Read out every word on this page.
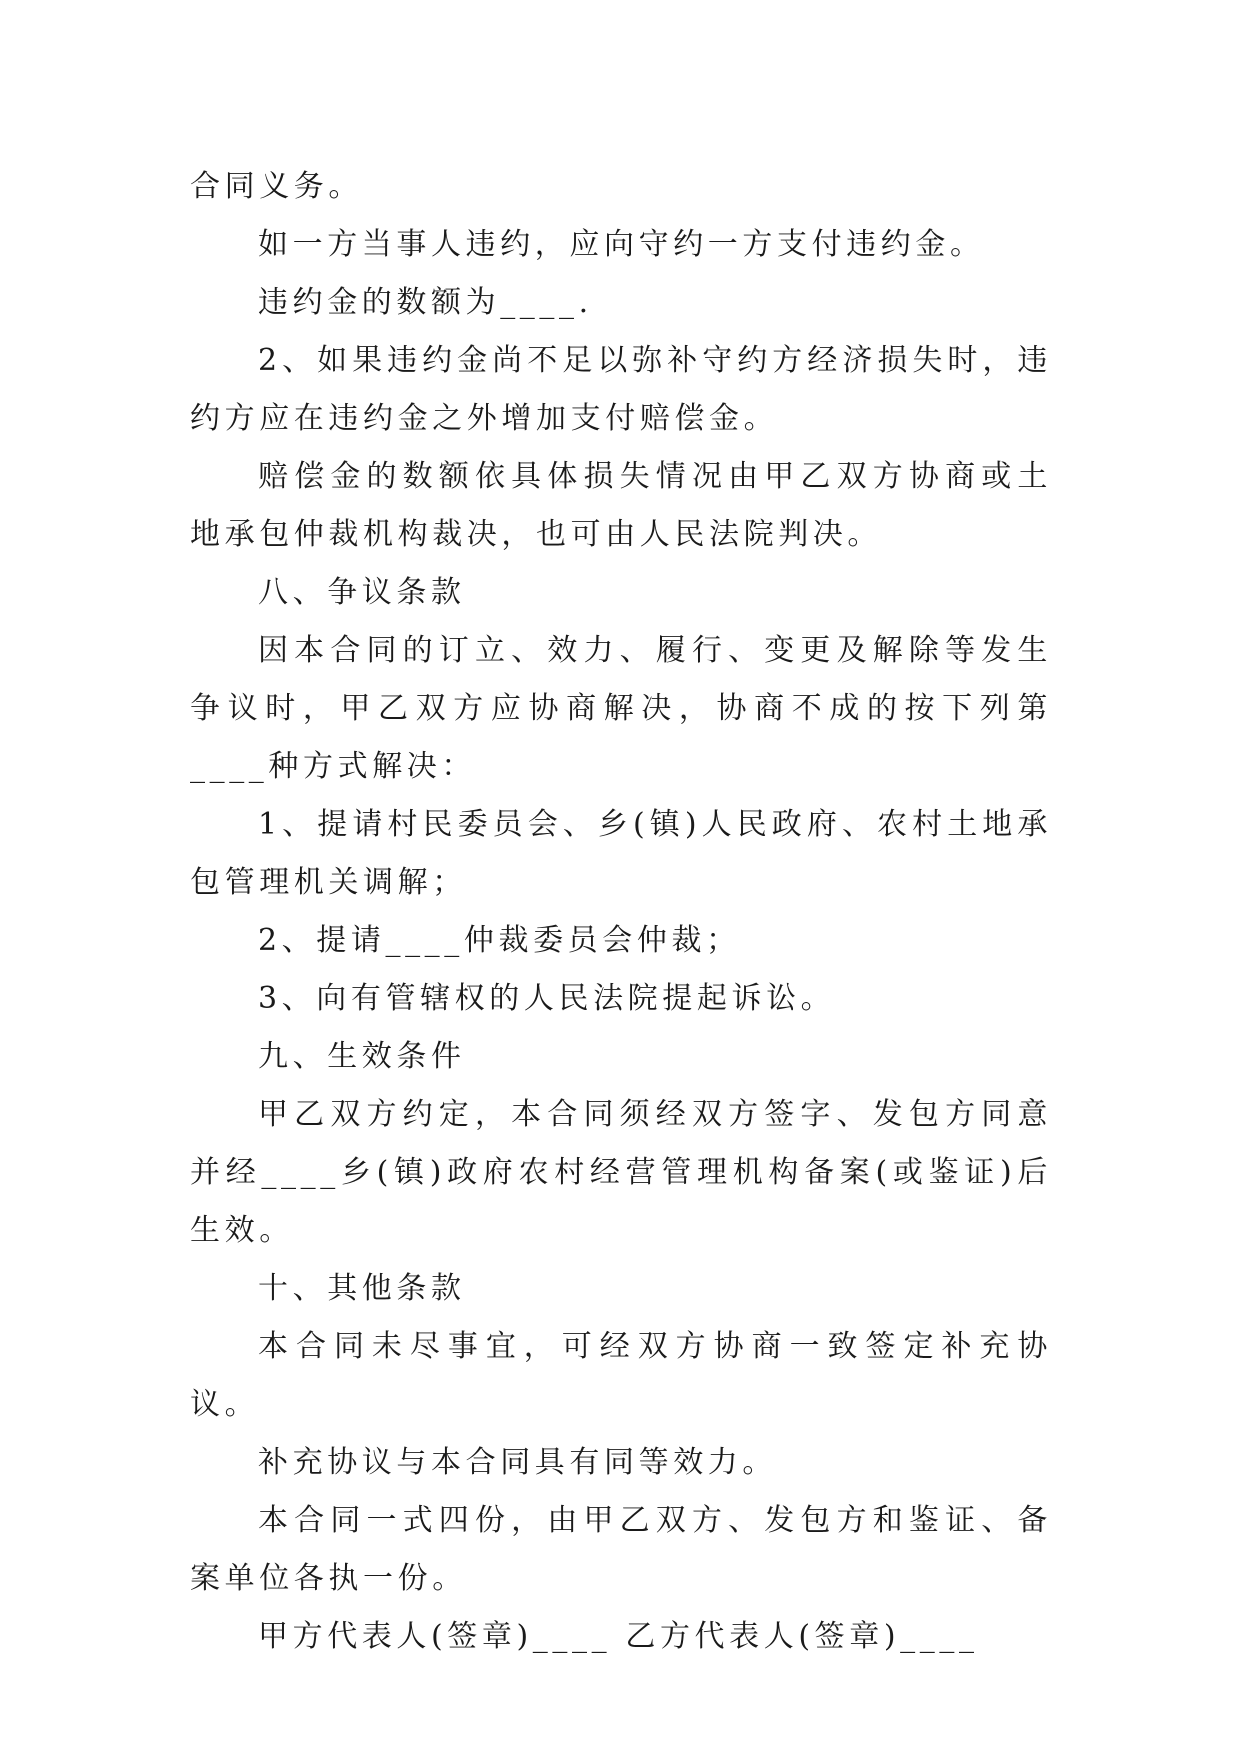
合同义务。

如一方当事人违约，应向守约一方支付违约金。

违约金的数额为____.

2、如果违约金尚不足以弥补守约方经济损失时，违约方应在违约金之外增加支付赔偿金。

赔偿金的数额依具体损失情况由甲乙双方协商或土地承包仲裁机构裁决，也可由人民法院判决。

八、争议条款

因本合同的订立、效力、履行、变更及解除等发生争议时，甲乙双方应协商解决，协商不成的按下列第____种方式解决：

1、提请村民委员会、乡(镇)人民政府、农村土地承包管理机关调解；

2、提请____仲裁委员会仲裁；

3、向有管辖权的人民法院提起诉讼。

九、生效条件

甲乙双方约定，本合同须经双方签字、发包方同意并经____乡(镇)政府农村经营管理机构备案(或鉴证)后生效。

十、其他条款

本合同未尽事宜，可经双方协商一致签定补充协议。

补充协议与本合同具有同等效力。

本合同一式四份，由甲乙双方、发包方和鉴证、备案单位各执一份。

甲方代表人(签章)____ 乙方代表人(签章)____
